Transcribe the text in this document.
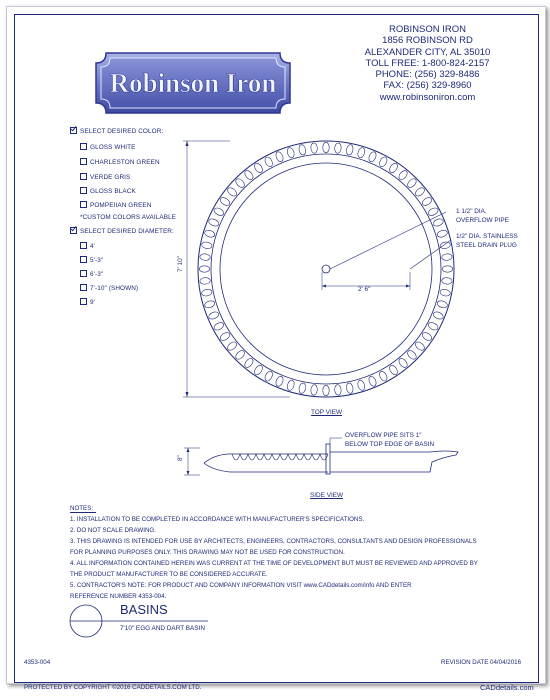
Robinson Iron
ROBINSON IRON
1856 ROBINSON RD
ALEXANDER CITY, AL 35010
TOLL FREE: 1-800-824-2157
PHONE: (256) 329-8486
FAX: (256) 329-8960
www.robinsoniron.com
SELECT DESIRED COLOR:
GLOSS WHITE
CHARLESTON GREEN
VERDE GRIS
GLOSS BLACK
POMPEIIAN GREEN
*CUSTOM COLORS AVAILABLE
SELECT DESIRED DIAMETER:
4'
5'-3"
6'-3"
7'-10" (SHOWN)
9'
7' 10"
2' 6"
1 1/2" DIA.
OVERFLOW PIPE
1/2" DIA. STAINLESS
STEEL DRAIN PLUG
TOP VIEW
8"
OVERFLOW PIPE SITS 1"
BELOW TOP EDGE OF BASIN
SIDE VIEW
NOTES:
1. INSTALLATION TO BE COMPLETED IN ACCORDANCE WITH MANUFACTURER'S SPECIFICATIONS.
2. DO NOT SCALE DRAWING.
3. THIS DRAWING IS INTENDED FOR USE BY ARCHITECTS, ENGINEERS, CONTRACTORS, CONSULTANTS AND DESIGN PROFESSIONALS
FOR PLANNING PURPOSES ONLY. THIS DRAWING MAY NOT BE USED FOR CONSTRUCTION.
4. ALL INFORMATION CONTAINED HEREIN WAS CURRENT AT THE TIME OF DEVELOPMENT BUT MUST BE REVIEWED AND APPROVED BY
THE PRODUCT MANUFACTURER TO BE CONSIDERED ACCURATE.
5. CONTRACTOR'S NOTE: FOR PRODUCT AND COMPANY INFORMATION VISIT www.CADdetails.com/info AND ENTER
REFERENCE NUMBER 4353-004.
BASINS
7'10" EGG AND DART BASIN
4353-004	REVISION DATE 04/04/2016
PROTECTED BY COPYRIGHT ©2016 CADDETAILS.COM LTD.	CADdetails.com
